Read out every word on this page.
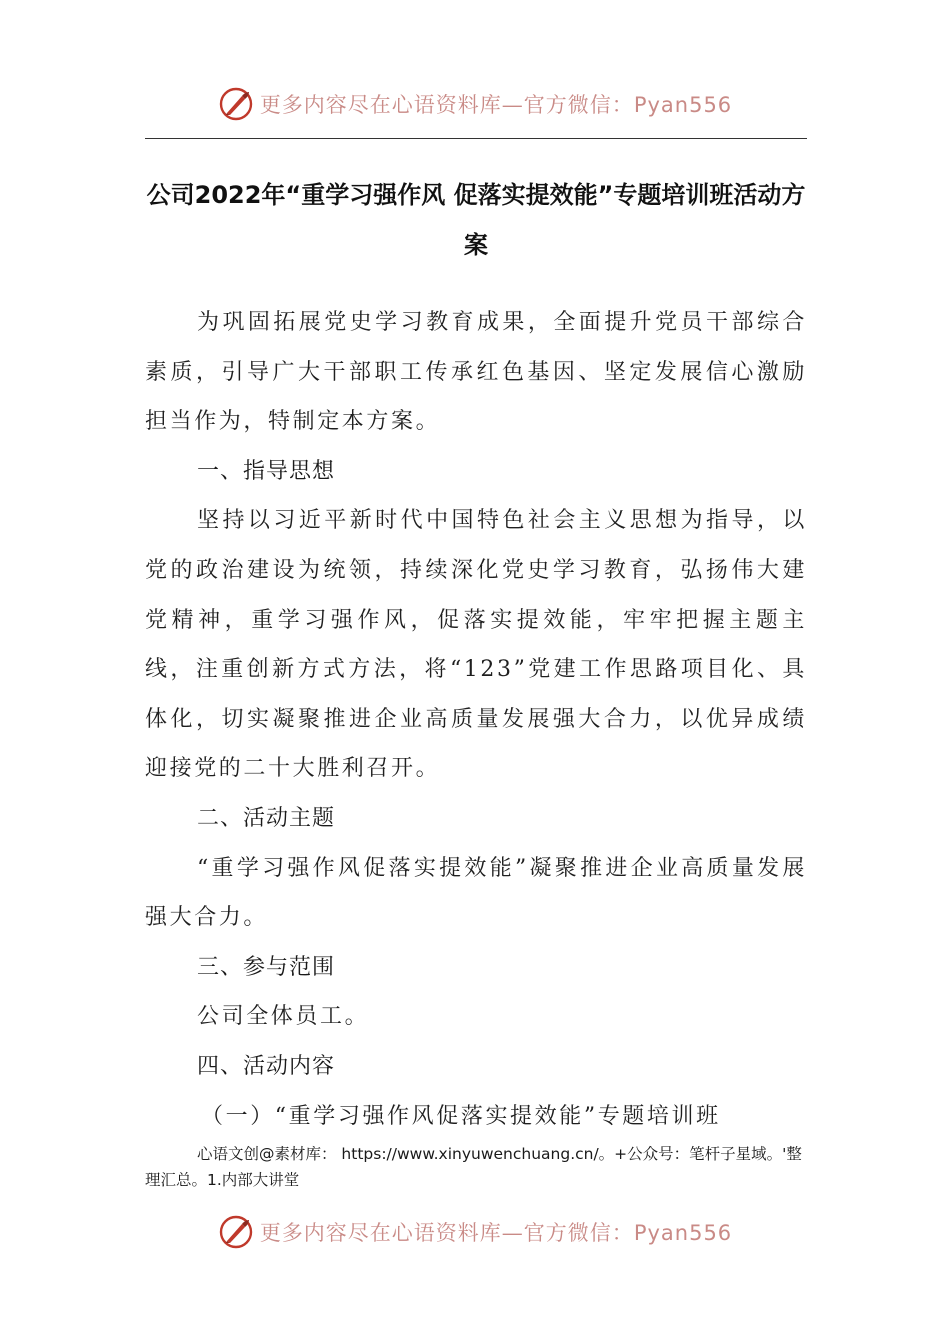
更多内容尽在心语资料库—官方微信：Pyan556
公司2022年“重学习强作风 促落实提效能”专题培训班活动方案

为巩固拓展党史学习教育成果，全面提升党员干部综合素质，引导广大干部职工传承红色基因、坚定发展信心激励担当作为，特制定本方案。

一、指导思想

坚持以习近平新时代中国特色社会主义思想为指导，以党的政治建设为统领，持续深化党史学习教育，弘扬伟大建党精神，重学习强作风，促落实提效能，牢牢把握主题主线，注重创新方式方法，将“123”党建工作思路项目化、具体化，切实凝聚推进企业高质量发展强大合力，以优异成绩迎接党的二十大胜利召开。

二、活动主题

“重学习强作风促落实提效能”凝聚推进企业高质量发展强大合力。

三、参与范围

公司全体员工。

四、活动内容

（一）“重学习强作风促落实提效能”专题培训班

心语文创@素材库： https://www.xinyuwenchuang.cn/。+公众号：笔杆子星域。'整理汇总。1.内部大讲堂

更多内容尽在心语资料库—官方微信：Pyan556
